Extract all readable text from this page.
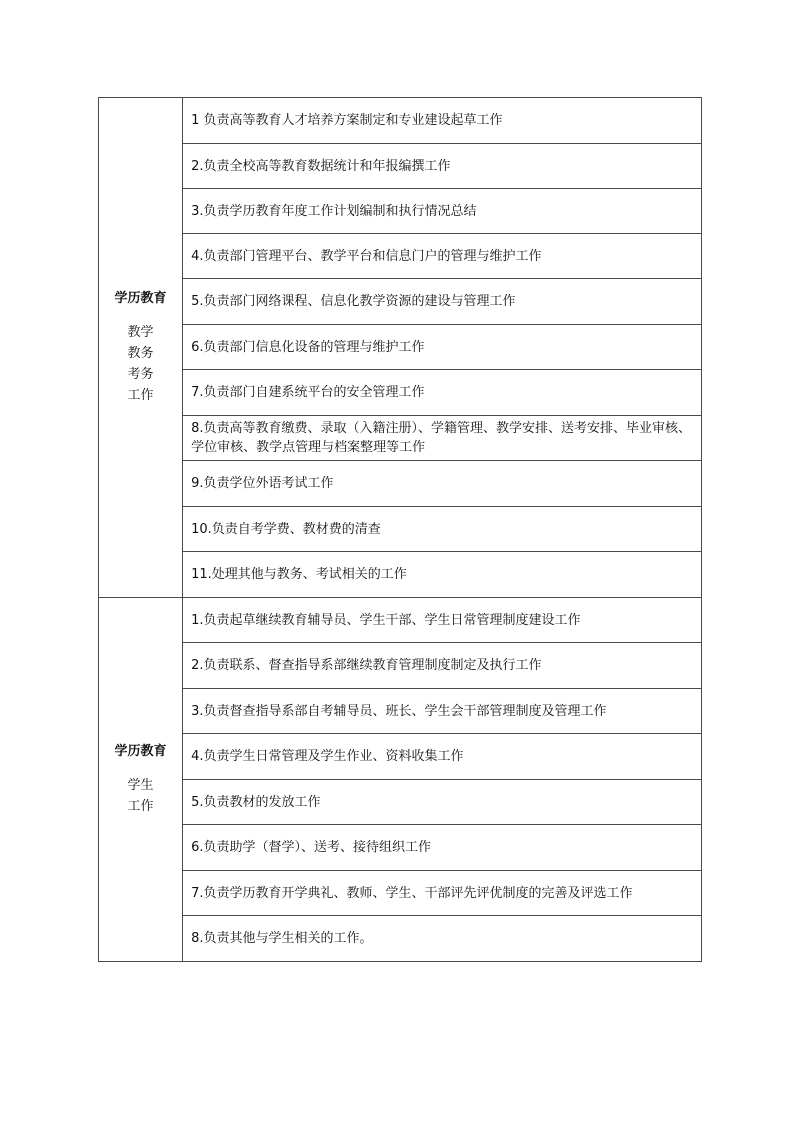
学历教育
教学
教务
考务
工作	1 负责高等教育人才培养方案制定和专业建设起草工作
	2.负责全校高等教育数据统计和年报编撰工作
	3.负责学历教育年度工作计划编制和执行情况总结
	4.负责部门管理平台、教学平台和信息门户的管理与维护工作
	5.负责部门网络课程、信息化教学资源的建设与管理工作
	6.负责部门信息化设备的管理与维护工作
	7.负责部门自建系统平台的安全管理工作
	8.负责高等教育缴费、录取（入籍注册）、学籍管理、教学安排、送考安排、毕业审核、学位审核、教学点管理与档案整理等工作
	9.负责学位外语考试工作
	10.负责自考学费、教材费的清查
	11.处理其他与教务、考试相关的工作

学历教育
学生
工作	1.负责起草继续教育辅导员、学生干部、学生日常管理制度建设工作
	2.负责联系、督查指导系部继续教育管理制度制定及执行工作
	3.负责督查指导系部自考辅导员、班长、学生会干部管理制度及管理工作
	4.负责学生日常管理及学生作业、资料收集工作
	5.负责教材的发放工作
	6.负责助学（督学）、送考、接待组织工作
	7.负责学历教育开学典礼、教师、学生、干部评先评优制度的完善及评选工作
	8.负责其他与学生相关的工作。
